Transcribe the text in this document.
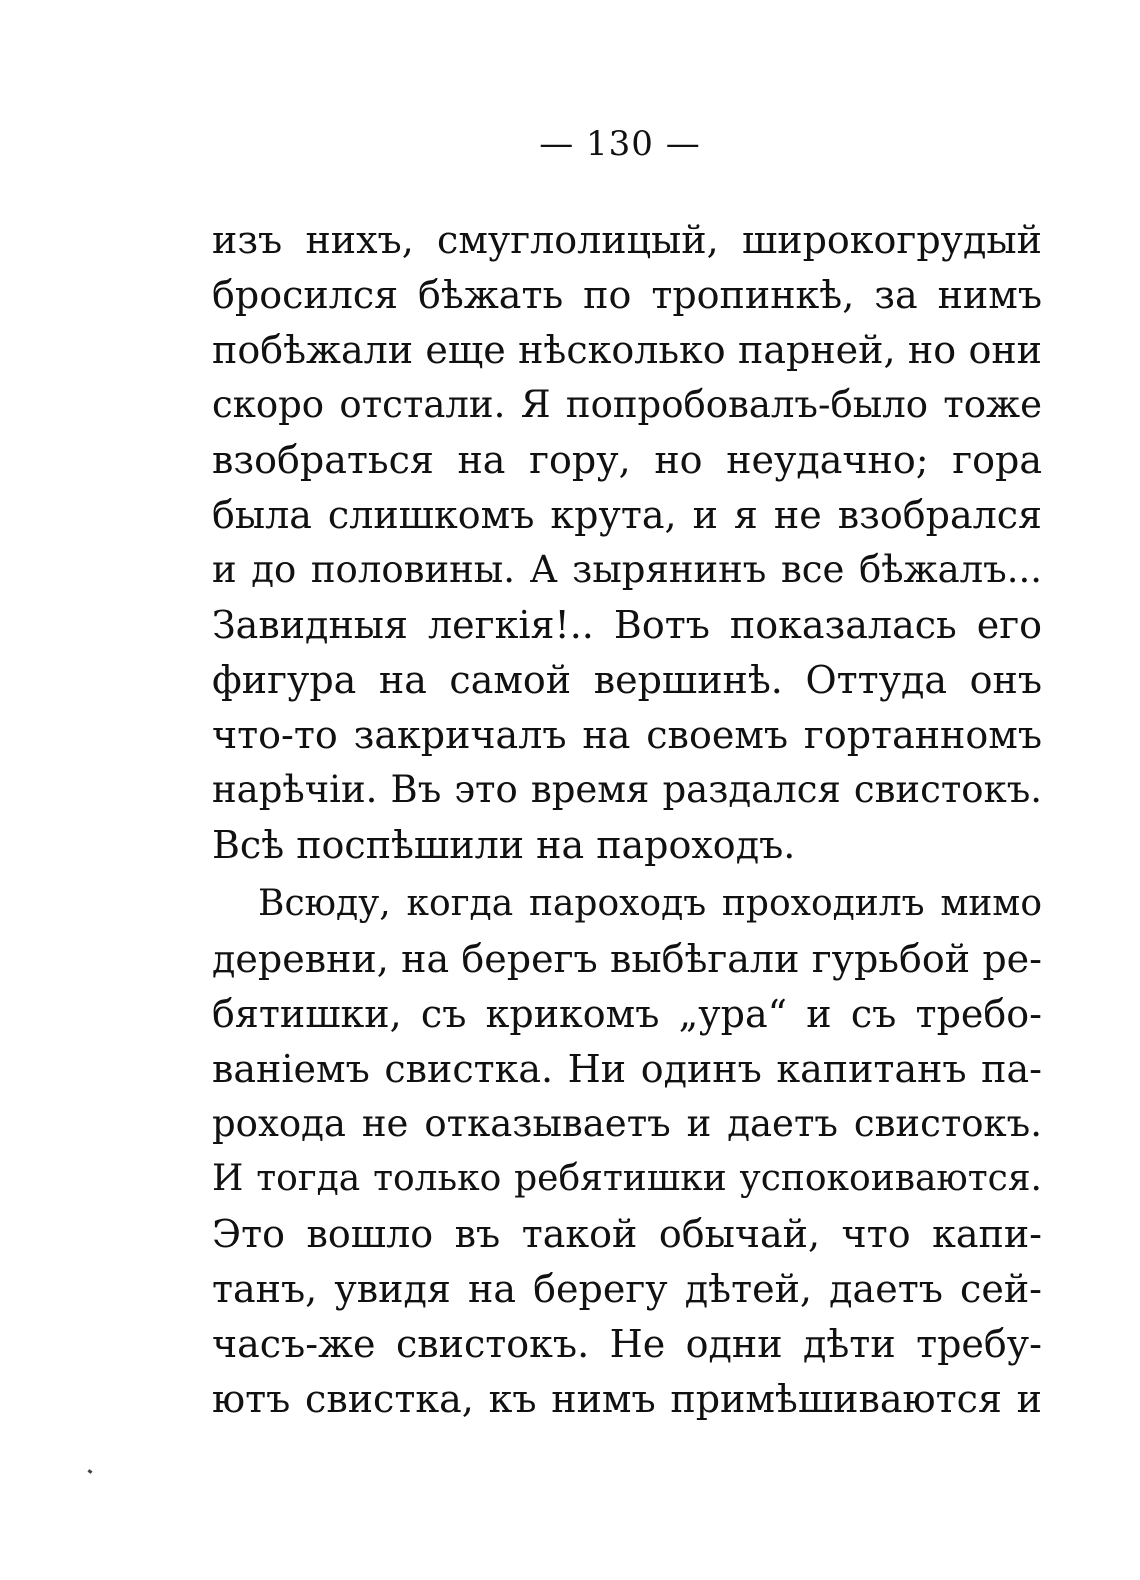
— 130 —
изъ нихъ, смуглолицый, широкогрудый
бросился бѣжать по тропинкѣ, за нимъ
побѣжали еще нѣсколько парней, но они
скоро отстали. Я попробовалъ-было тоже
взобраться на гору, но неудачно; гора
была слишкомъ крута, и я не взобрался
и до половины. А зырянинъ все бѣжалъ...
Завидныя легкія!.. Вотъ показалась его
фигура на самой вершинѣ. Оттуда онъ
что-то закричалъ на своемъ гортанномъ
нарѣчіи. Въ это время раздался свистокъ.
Всѣ поспѣшили на пароходъ.
Всюду, когда пароходъ проходилъ мимо
деревни, на берегъ выбѣгали гурьбой ре-
бятишки, съ крикомъ „ура“ и съ требо-
ваніемъ свистка. Ни одинъ капитанъ па-
рохода не отказываетъ и даетъ свистокъ.
И тогда только ребятишки успокоиваются.
Это вошло въ такой обычай, что капи-
танъ, увидя на берегу дѣтей, даетъ сей-
часъ-же свистокъ. Не одни дѣти требу-
ютъ свистка, къ нимъ примѣшиваются и
